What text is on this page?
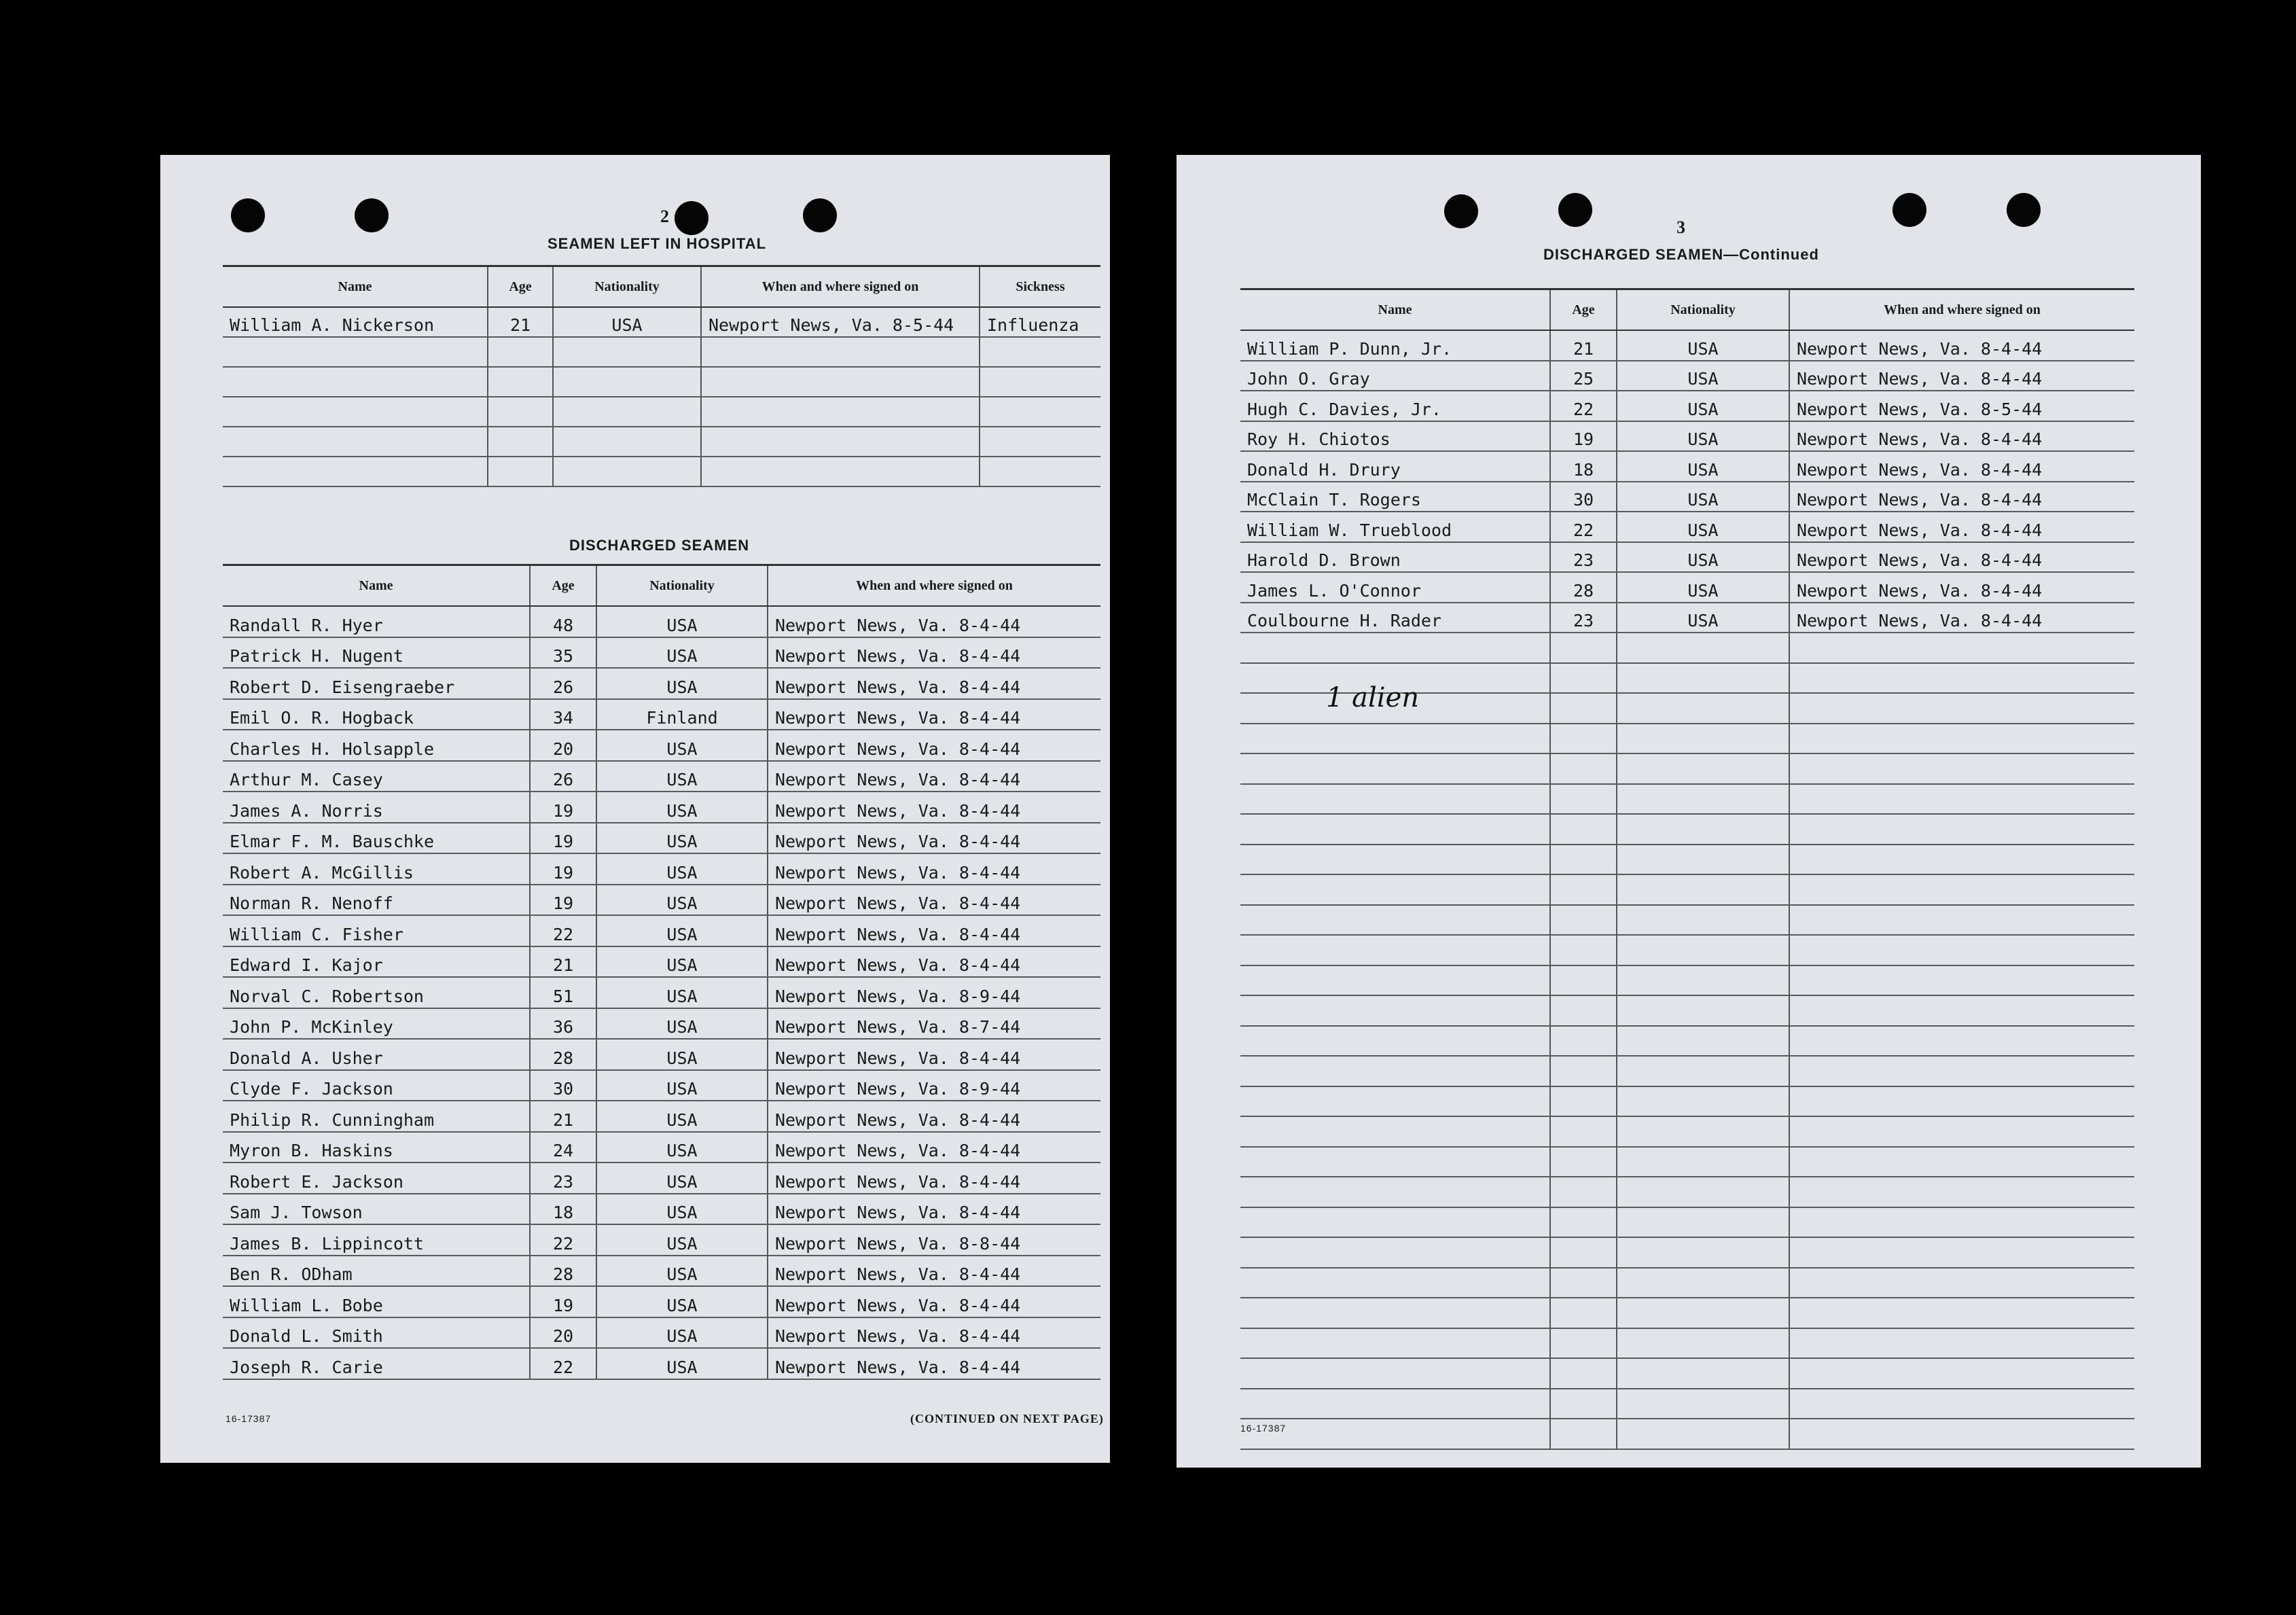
2
SEAMEN LEFT IN HOSPITAL
Name	Age	Nationality	When and where signed on	Sickness
William A. Nickerson	21	USA	Newport News, Va. 8-5-44	Influenza

DISCHARGED SEAMEN
Name	Age	Nationality	When and where signed on
Randall R. Hyer	48	USA	Newport News, Va. 8-4-44
Patrick H. Nugent	35	USA	Newport News, Va. 8-4-44
Robert D. Eisengraeber	26	USA	Newport News, Va. 8-4-44
Emil O. R. Hogback	34	Finland	Newport News, Va. 8-4-44
Charles H. Holsapple	20	USA	Newport News, Va. 8-4-44
Arthur M. Casey	26	USA	Newport News, Va. 8-4-44
James A. Norris	19	USA	Newport News, Va. 8-4-44
Elmar F. M. Bauschke	19	USA	Newport News, Va. 8-4-44
Robert A. McGillis	19	USA	Newport News, Va. 8-4-44
Norman R. Nenoff	19	USA	Newport News, Va. 8-4-44
William C. Fisher	22	USA	Newport News, Va. 8-4-44
Edward I. Kajor	21	USA	Newport News, Va. 8-4-44
Norval C. Robertson	51	USA	Newport News, Va. 8-9-44
John P. McKinley	36	USA	Newport News, Va. 8-7-44
Donald A. Usher	28	USA	Newport News, Va. 8-4-44
Clyde F. Jackson	30	USA	Newport News, Va. 8-9-44
Philip R. Cunningham	21	USA	Newport News, Va. 8-4-44
Myron B. Haskins	24	USA	Newport News, Va. 8-4-44
Robert E. Jackson	23	USA	Newport News, Va. 8-4-44
Sam J. Towson	18	USA	Newport News, Va. 8-4-44
James B. Lippincott	22	USA	Newport News, Va. 8-8-44
Ben R. ODham	28	USA	Newport News, Va. 8-4-44
William L. Bobe	19	USA	Newport News, Va. 8-4-44
Donald L. Smith	20	USA	Newport News, Va. 8-4-44
Joseph R. Carie	22	USA	Newport News, Va. 8-4-44
16-17387	(CONTINUED ON NEXT PAGE)
3
DISCHARGED SEAMEN—Continued
Name	Age	Nationality	When and where signed on
William P. Dunn, Jr.	21	USA	Newport News, Va. 8-4-44
John O. Gray	25	USA	Newport News, Va. 8-4-44
Hugh C. Davies, Jr.	22	USA	Newport News, Va. 8-5-44
Roy H. Chiotos	19	USA	Newport News, Va. 8-4-44
Donald H. Drury	18	USA	Newport News, Va. 8-4-44
McClain T. Rogers	30	USA	Newport News, Va. 8-4-44
William W. Trueblood	22	USA	Newport News, Va. 8-4-44
Harold D. Brown	23	USA	Newport News, Va. 8-4-44
James L. O'Connor	28	USA	Newport News, Va. 8-4-44
Coulbourne H. Rader	23	USA	Newport News, Va. 8-4-44

1 alien
16-17387
